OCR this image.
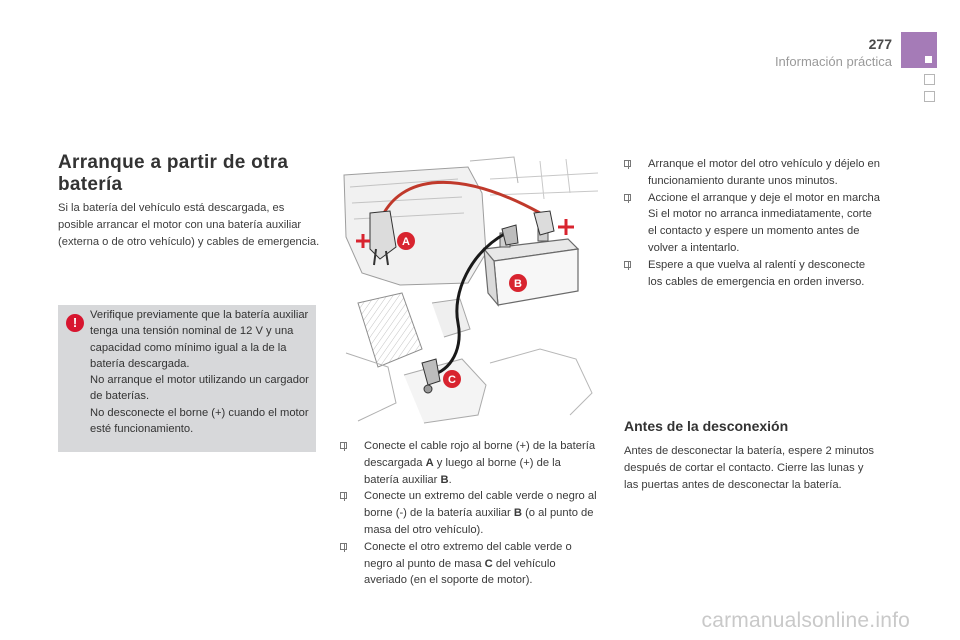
277
Información práctica
Arranque a partir de otra
batería

Si la batería del vehículo está descargada, es posible arrancar el motor con una batería auxiliar (externa o de otro vehículo) y cables de emergencia.

!	Verifique previamente que la batería auxiliar tenga una tensión nominal de 12 V y una capacidad como mínimo igual a la de la batería descargada.
No arranque el motor utilizando un cargador de baterías.
No desconecte el borne (+) cuando el motor esté funcionamiento.

A
B
C
Conecte el cable rojo al borne (+) de la batería descargada A y luego al borne (+) de la batería auxiliar B.
Conecte un extremo del cable verde o negro al borne (-) de la batería auxiliar B (o al punto de masa del otro vehículo).
Conecte el otro extremo del cable verde o negro al punto de masa C del vehículo averiado (en el soporte de motor).
Arranque el motor del otro vehículo y déjelo en funcionamiento durante unos minutos.
Accione el arranque y deje el motor en marcha
Si el motor no arranca inmediatamente, corte el contacto y espere un momento antes de volver a intentarlo.
Espere a que vuelva al ralentí y desconecte los cables de emergencia en orden inverso.
Antes de la desconexión

Antes de desconectar la batería, espere 2 minutos después de cortar el contacto. Cierre las lunas y las puertas antes de desconectar la batería.

carmanualsonline.info
